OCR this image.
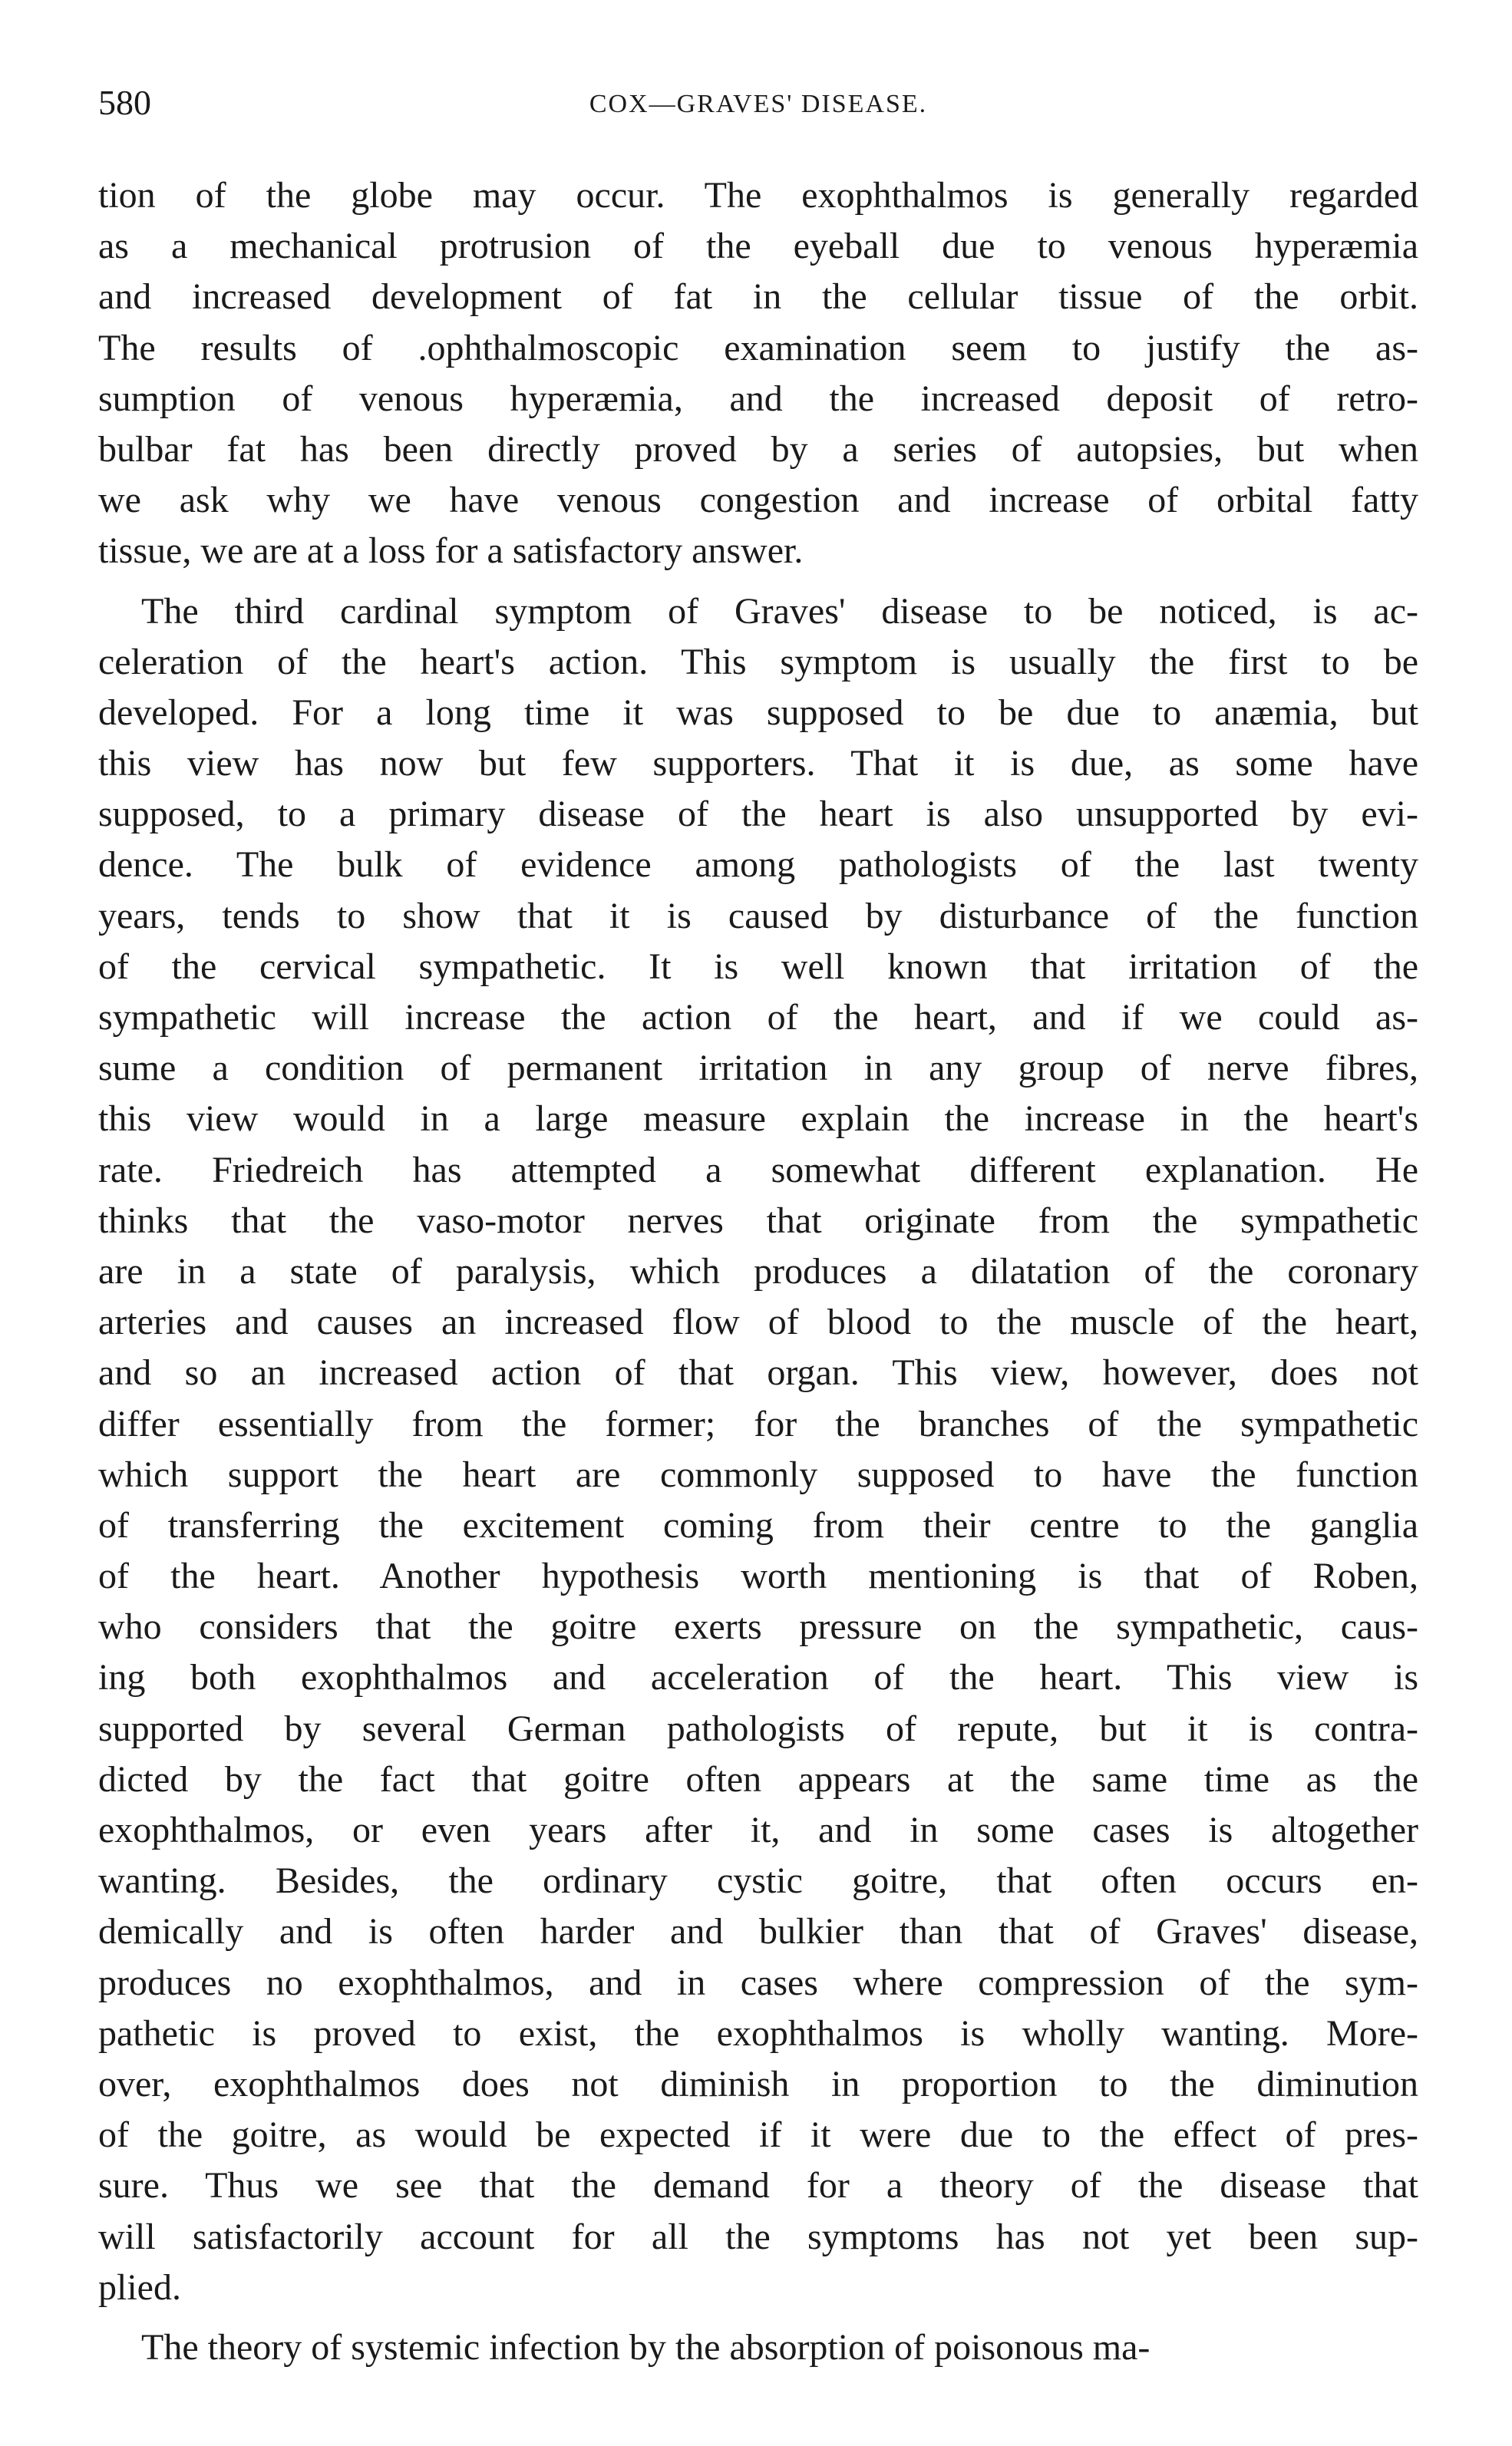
580	COX—GRAVES' DISEASE.
tion of the globe may occur. The exophthalmos is generally regarded
as a mechanical protrusion of the eyeball due to venous hyperæmia
and increased development of fat in the cellular tissue of the orbit.
The results of .ophthalmoscopic examination seem to justify the as-
sumption of venous hyperæmia, and the increased deposit of retro-
bulbar fat has been directly proved by a series of autopsies, but when
we ask why we have venous congestion and increase of orbital fatty
tissue, we are at a loss for a satisfactory answer.
The third cardinal symptom of Graves' disease to be noticed, is ac-
celeration of the heart's action. This symptom is usually the first to be
developed. For a long time it was supposed to be due to anæmia, but
this view has now but few supporters. That it is due, as some have
supposed, to a primary disease of the heart is also unsupported by evi-
dence. The bulk of evidence among pathologists of the last twenty
years, tends to show that it is caused by disturbance of the function
of the cervical sympathetic. It is well known that irritation of the
sympathetic will increase the action of the heart, and if we could as-
sume a condition of permanent irritation in any group of nerve fibres,
this view would in a large measure explain the increase in the heart's
rate. Friedreich has attempted a somewhat different explanation. He
thinks that the vaso-motor nerves that originate from the sympathetic
are in a state of paralysis, which produces a dilatation of the coronary
arteries and causes an increased flow of blood to the muscle of the heart,
and so an increased action of that organ. This view, however, does not
differ essentially from the former; for the branches of the sympathetic
which support the heart are commonly supposed to have the function
of transferring the excitement coming from their centre to the ganglia
of the heart. Another hypothesis worth mentioning is that of Roben,
who considers that the goitre exerts pressure on the sympathetic, caus-
ing both exophthalmos and acceleration of the heart. This view is
supported by several German pathologists of repute, but it is contra-
dicted by the fact that goitre often appears at the same time as the
exophthalmos, or even years after it, and in some cases is altogether
wanting. Besides, the ordinary cystic goitre, that often occurs en-
demically and is often harder and bulkier than that of Graves' disease,
produces no exophthalmos, and in cases where compression of the sym-
pathetic is proved to exist, the exophthalmos is wholly wanting. More-
over, exophthalmos does not diminish in proportion to the diminution
of the goitre, as would be expected if it were due to the effect of pres-
sure. Thus we see that the demand for a theory of the disease that
will satisfactorily account for all the symptoms has not yet been sup-
plied.
The theory of systemic infection by the absorption of poisonous ma-
